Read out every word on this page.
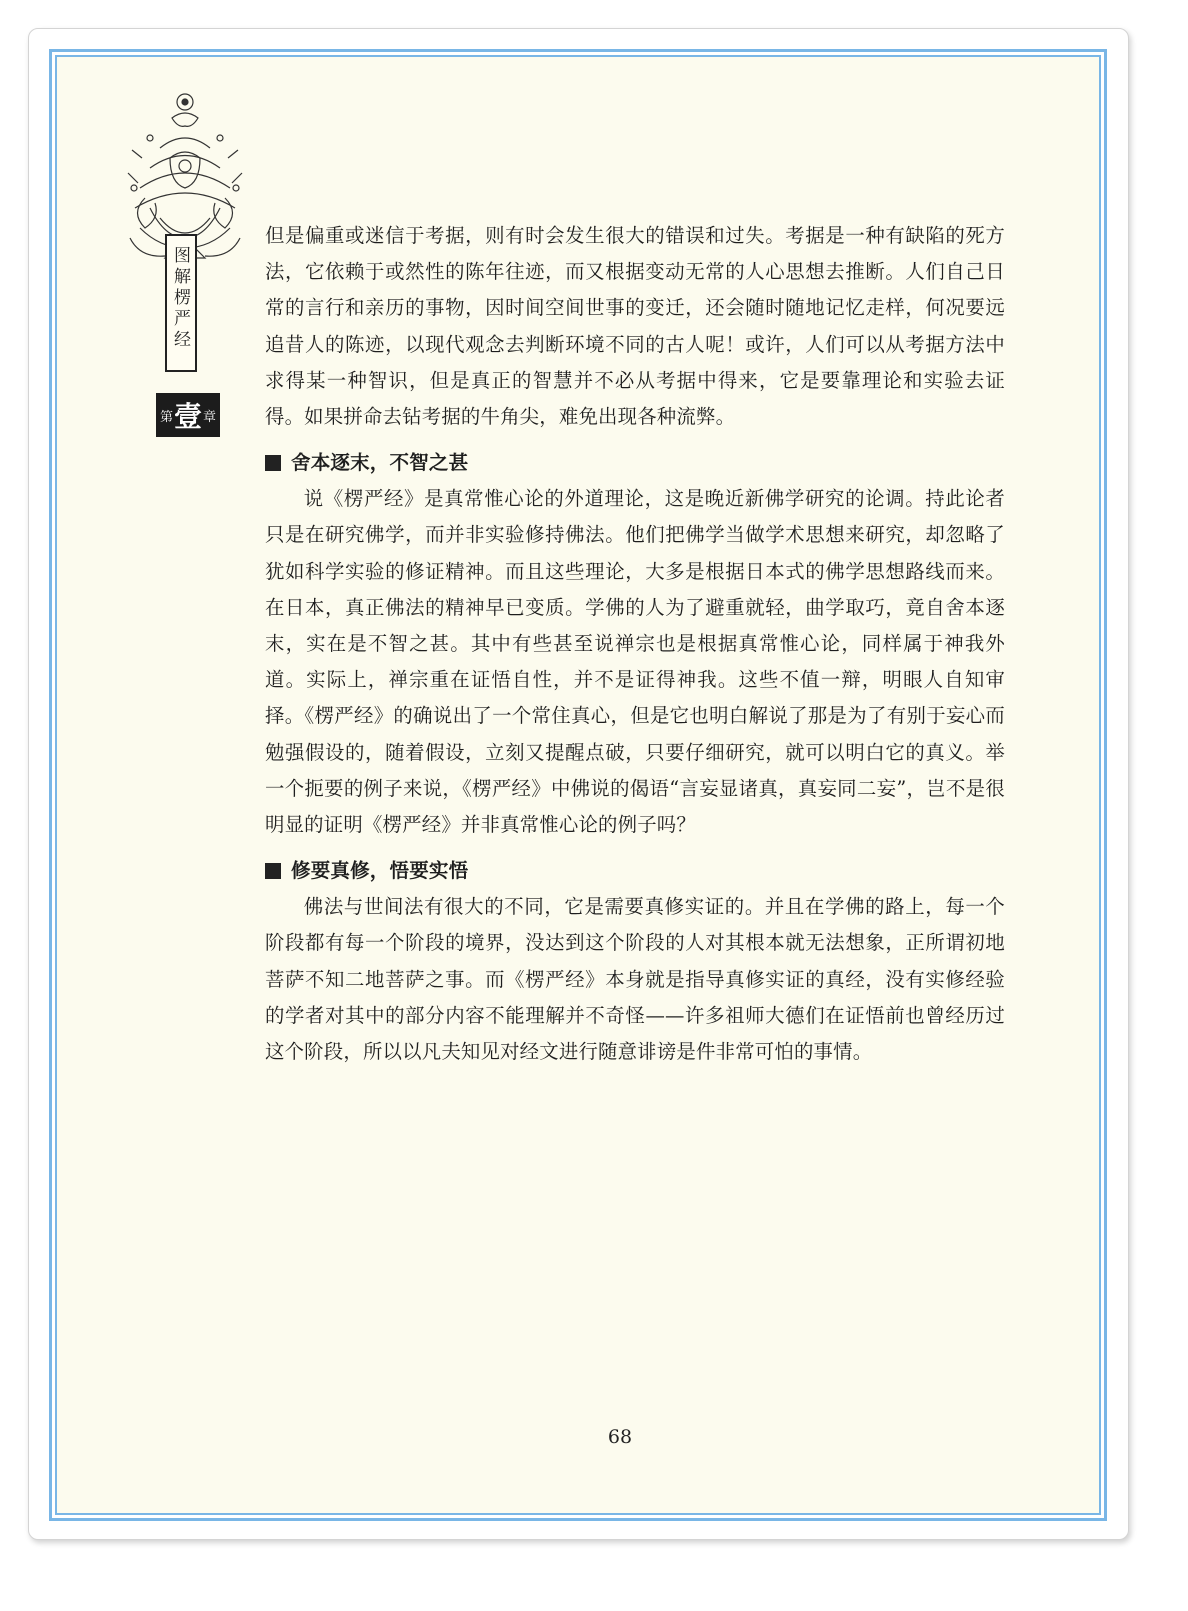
图解楞严经
第 壹 章

但是偏重或迷信于考据，则有时会发生很大的错误和过失。考据是一种有缺陷的死方法，它依赖于或然性的陈年往迹，而又根据变动无常的人心思想去推断。人们自己日常的言行和亲历的事物，因时间空间世事的变迁，还会随时随地记忆走样，何况要远追昔人的陈迹，以现代观念去判断环境不同的古人呢！或许，人们可以从考据方法中求得某一种智识，但是真正的智慧并不必从考据中得来，它是要靠理论和实验去证得。如果拼命去钻考据的牛角尖，难免出现各种流弊。

舍本逐末，不智之甚

说《楞严经》是真常惟心论的外道理论，这是晚近新佛学研究的论调。持此论者只是在研究佛学，而并非实验修持佛法。他们把佛学当做学术思想来研究，却忽略了犹如科学实验的修证精神。而且这些理论，大多是根据日本式的佛学思想路线而来。在日本，真正佛法的精神早已变质。学佛的人为了避重就轻，曲学取巧，竟自舍本逐末，实在是不智之甚。其中有些甚至说禅宗也是根据真常惟心论，同样属于神我外道。实际上，禅宗重在证悟自性，并不是证得神我。这些不值一辩，明眼人自知审择。《楞严经》的确说出了一个常住真心，但是它也明白解说了那是为了有别于妄心而勉强假设的，随着假设，立刻又提醒点破，只要仔细研究，就可以明白它的真义。举一个扼要的例子来说，《楞严经》中佛说的偈语“言妄显诸真，真妄同二妄”，岂不是很明显的证明《楞严经》并非真常惟心论的例子吗？

修要真修，悟要实悟

佛法与世间法有很大的不同，它是需要真修实证的。并且在学佛的路上，每一个阶段都有每一个阶段的境界，没达到这个阶段的人对其根本就无法想象，正所谓初地菩萨不知二地菩萨之事。而《楞严经》本身就是指导真修实证的真经，没有实修经验的学者对其中的部分内容不能理解并不奇怪——许多祖师大德们在证悟前也曾经历过这个阶段，所以以凡夫知见对经文进行随意诽谤是件非常可怕的事情。

68
